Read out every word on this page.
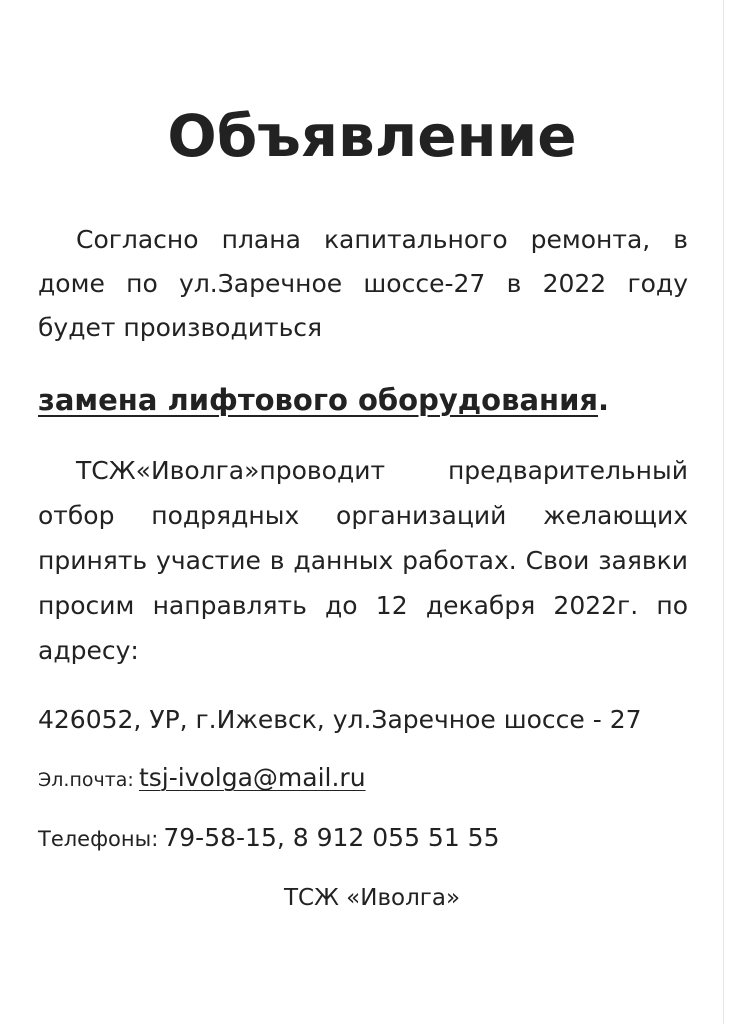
Объявление
Согласно плана капитального ремонта, в доме по ул.Заречное шоссе-27 в 2022 году будет производиться
замена лифтового оборудования.
ТСЖ«Иволга»проводит предварительный отбор подрядных организаций желающих принять участие в данных работах. Свои заявки просим направлять до 12 декабря 2022г. по адресу:
426052, УР, г.Ижевск, ул.Заречное шоссе - 27
Эл.почта: tsj-ivolga@mail.ru
Телефоны: 79-58-15, 8 912 055 51 55
ТСЖ «Иволга»
